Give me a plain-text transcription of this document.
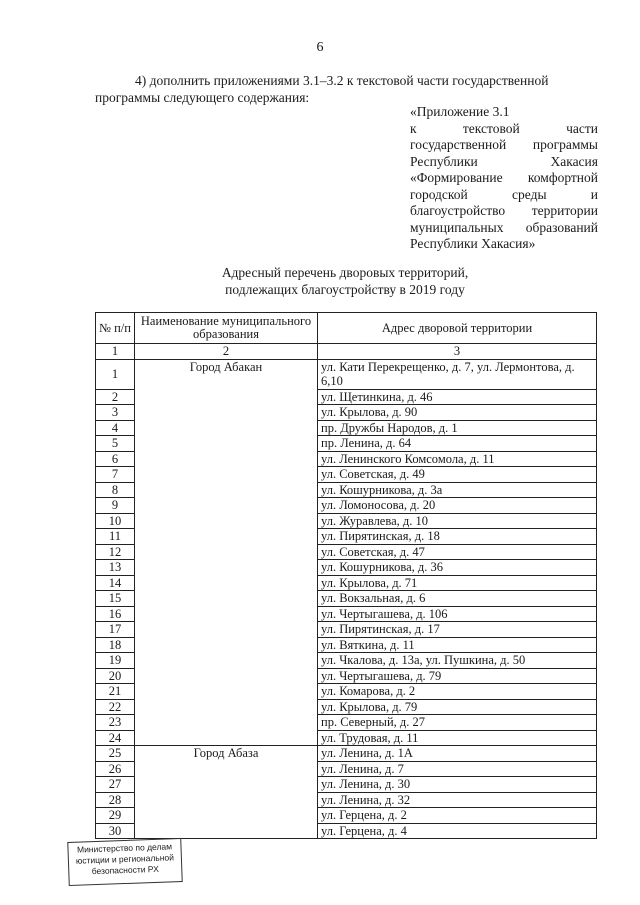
6
4) дополнить приложениями 3.1–3.2 к текстовой части государственной
программы следующего содержания:
«Приложение 3.1
к текстовой части
государственной программы
Республики Хакасия
«Формирование комфортной
городской среды и
благоустройство территории
муниципальных образований
Республики Хакасия»
Адресный перечень дворовых территорий,
подлежащих благоустройству в 2019 году
№ п/п	Наименование муниципального образования	Адрес дворовой территории
1	2	3
1	Город Абакан	ул. Кати Перекрещенко, д. 7, ул. Лермонтова, д. 6,10
2		ул. Щетинкина, д. 46
3		ул. Крылова, д. 90
4		пр. Дружбы Народов, д. 1
5		пр. Ленина, д. 64
6		ул. Ленинского Комсомола, д. 11
7		ул. Советская, д. 49
8		ул. Кошурникова, д. 3а
9		ул. Ломоносова, д. 20
10		ул. Журавлева, д. 10
11		ул. Пирятинская, д. 18
12		ул. Советская, д. 47
13		ул. Кошурникова, д. 36
14		ул. Крылова, д. 71
15		ул. Вокзальная, д. 6
16		ул. Чертыгашева, д. 106
17		ул. Пирятинская, д. 17
18		ул. Вяткина, д. 11
19		ул. Чкалова, д. 13а, ул. Пушкина, д. 50
20		ул. Чертыгашева, д. 79
21		ул. Комарова, д. 2
22		ул. Крылова, д. 79
23		пр. Северный, д. 27
24		ул. Трудовая, д. 11
25	Город Абаза	ул. Ленина, д. 1А
26		ул. Ленина, д. 7
27		ул. Ленина, д. 30
28		ул. Ленина, д. 32
29		ул. Герцена, д. 2
30		ул. Герцена, д. 4
Министерство по делам
юстиции и региональной
безопасности РХ
